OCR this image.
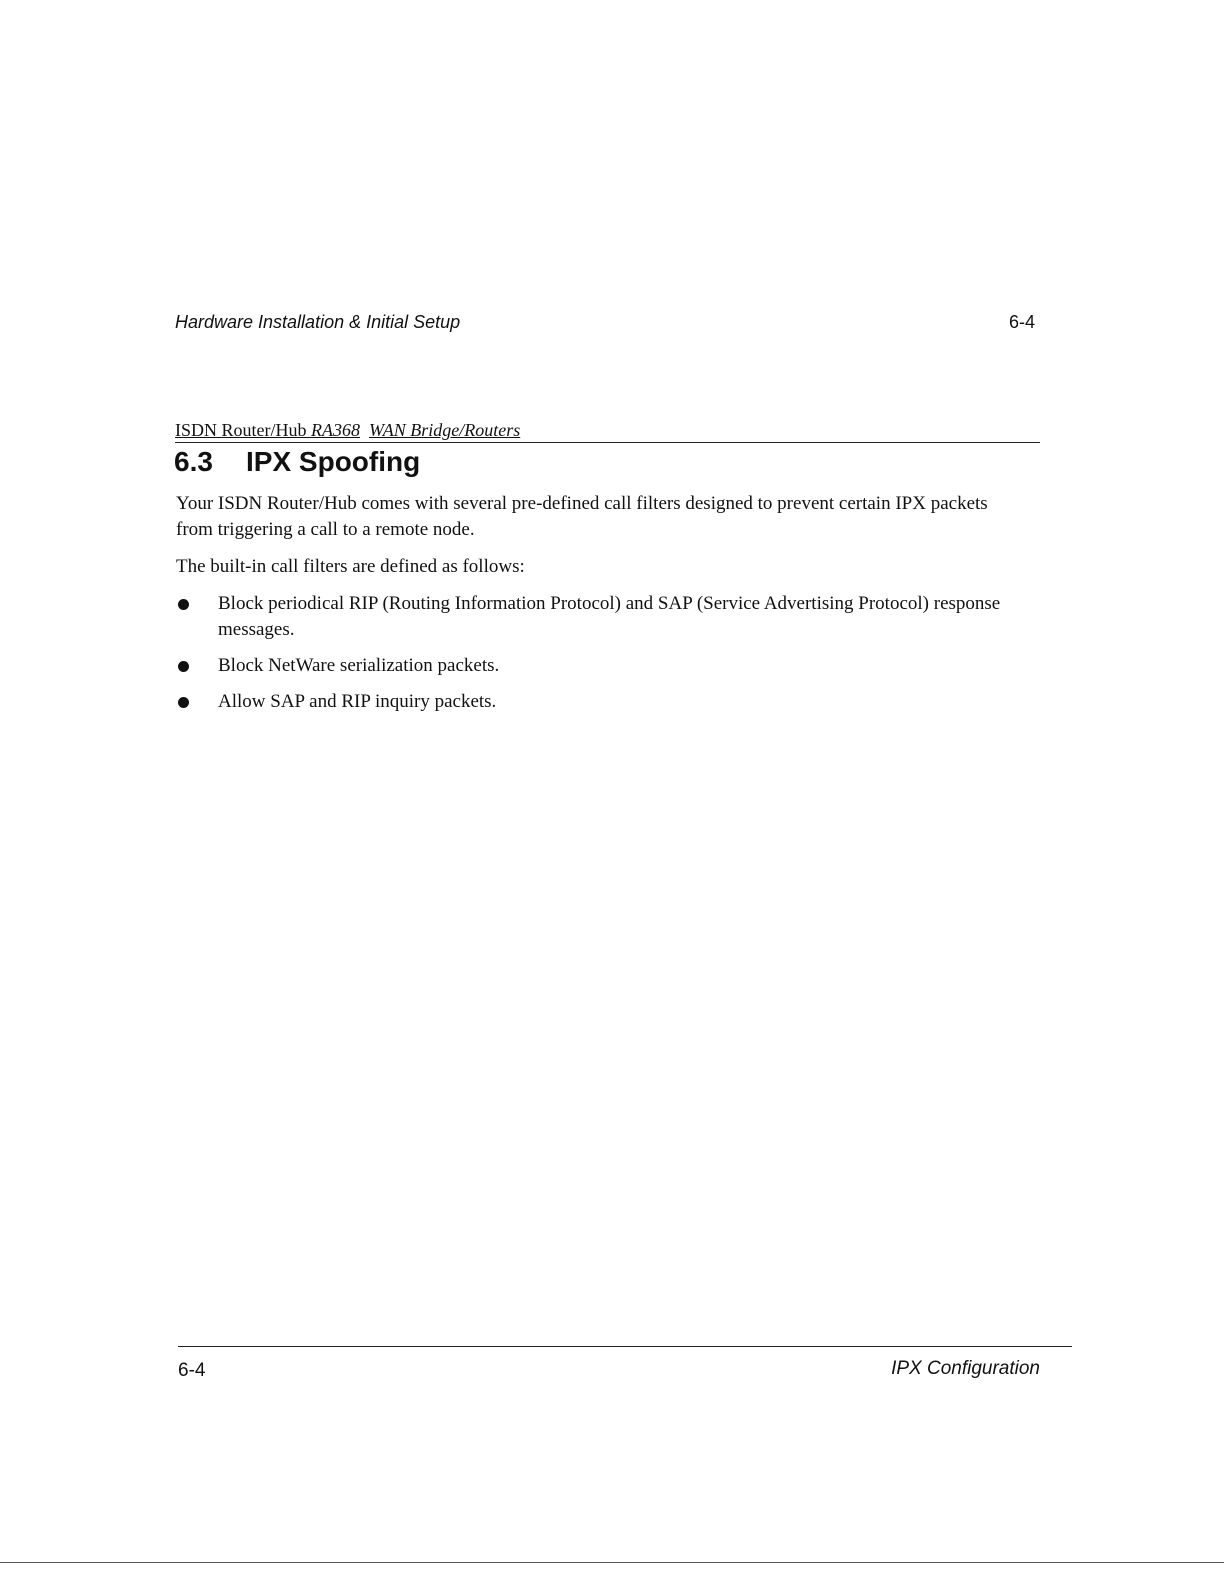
Hardware Installation & Initial Setup	6-4
ISDN Router/Hub RA368 WAN Bridge/Routers
6.3 IPX Spoofing

Your ISDN Router/Hub comes with several pre-defined call filters designed to prevent certain IPX packets from triggering a call to a remote node.

The built-in call filters are defined as follows:

Block periodical RIP (Routing Information Protocol) and SAP (Service Advertising Protocol) response messages.
Block NetWare serialization packets.
Allow SAP and RIP inquiry packets.
6-4	IPX Configuration
